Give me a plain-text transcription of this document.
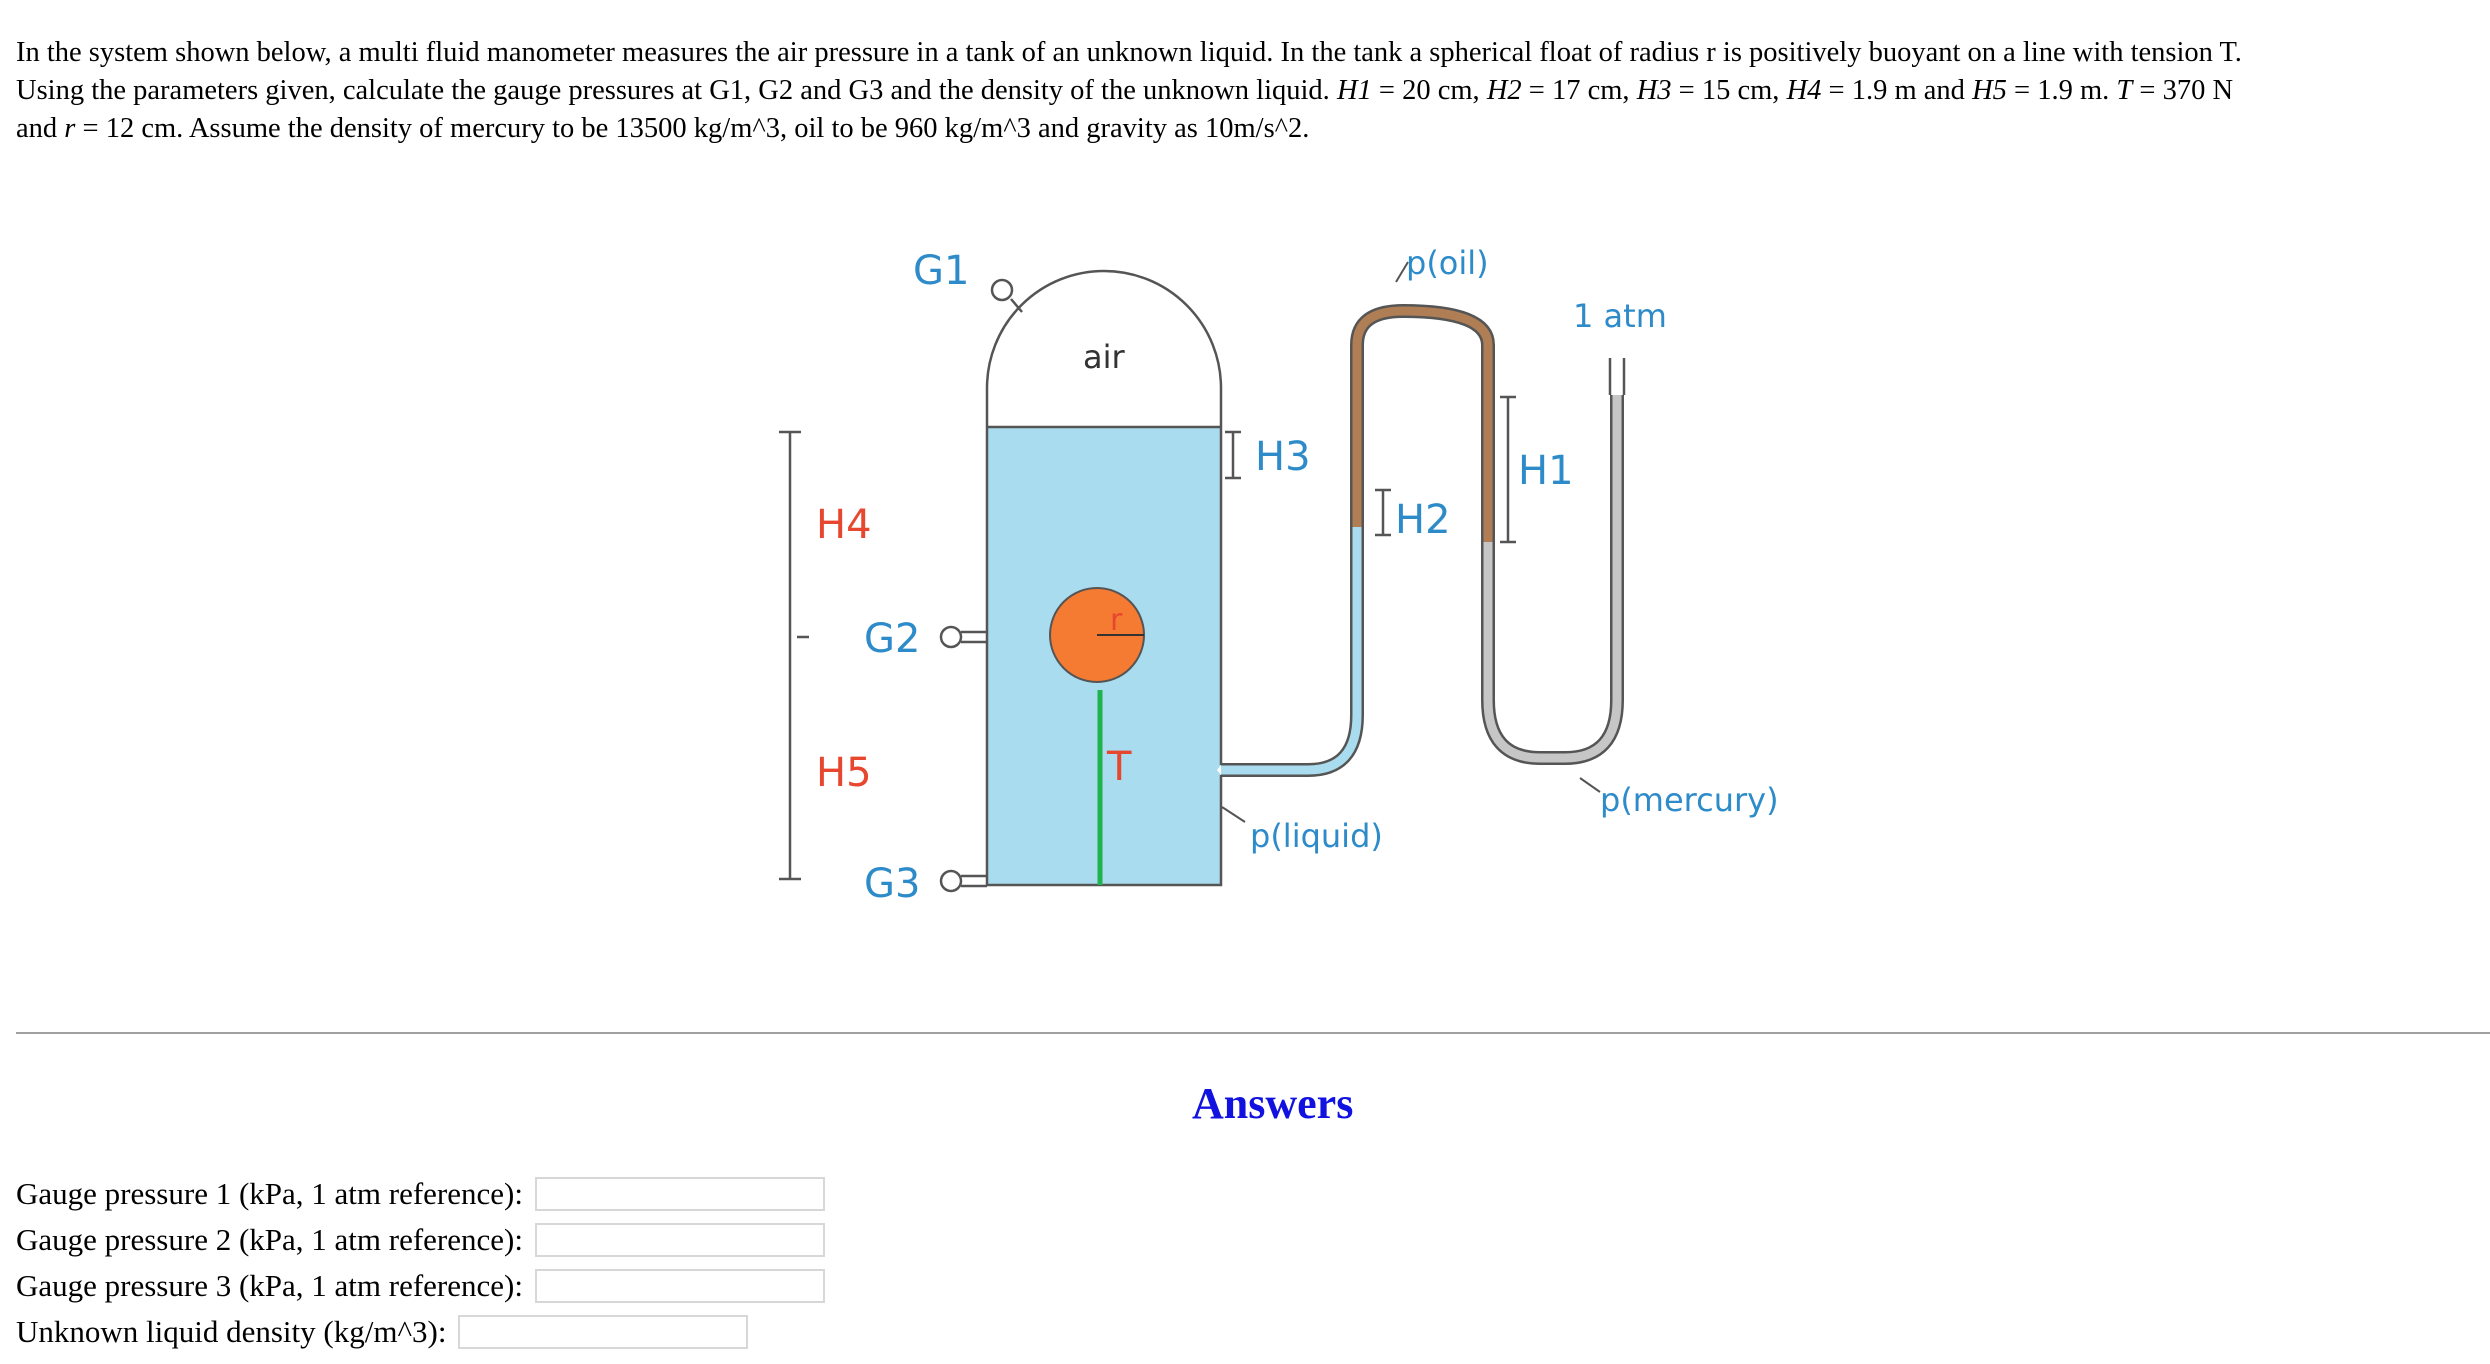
In the system shown below, a multi fluid manometer measures the air pressure in a tank of an unknown liquid. In the tank a spherical float of radius r is positively buoyant on a line with tension T.

Using the parameters given, calculate the gauge pressures at G1, G2 and G3 and the density of the unknown liquid. H1 = 20 cm, H2 = 17 cm, H3 = 15 cm, H4 = 1.9 m and H5 = 1.9 m. T = 370 N

and r = 12 cm. Assume the density of mercury to be 13500 kg/m^3, oil to be 960 kg/m^3 and gravity as 10m/s^2.

G1
air
p(oil)
1 atm
H3	H1
H2
H4
G2	r
T
H5
p(mercury)
p(liquid)
G3
Answers
Gauge pressure 1 (kPa, 1 atm reference):
Gauge pressure 2 (kPa, 1 atm reference):
Gauge pressure 3 (kPa, 1 atm reference):
Unknown liquid density (kg/m^3):
